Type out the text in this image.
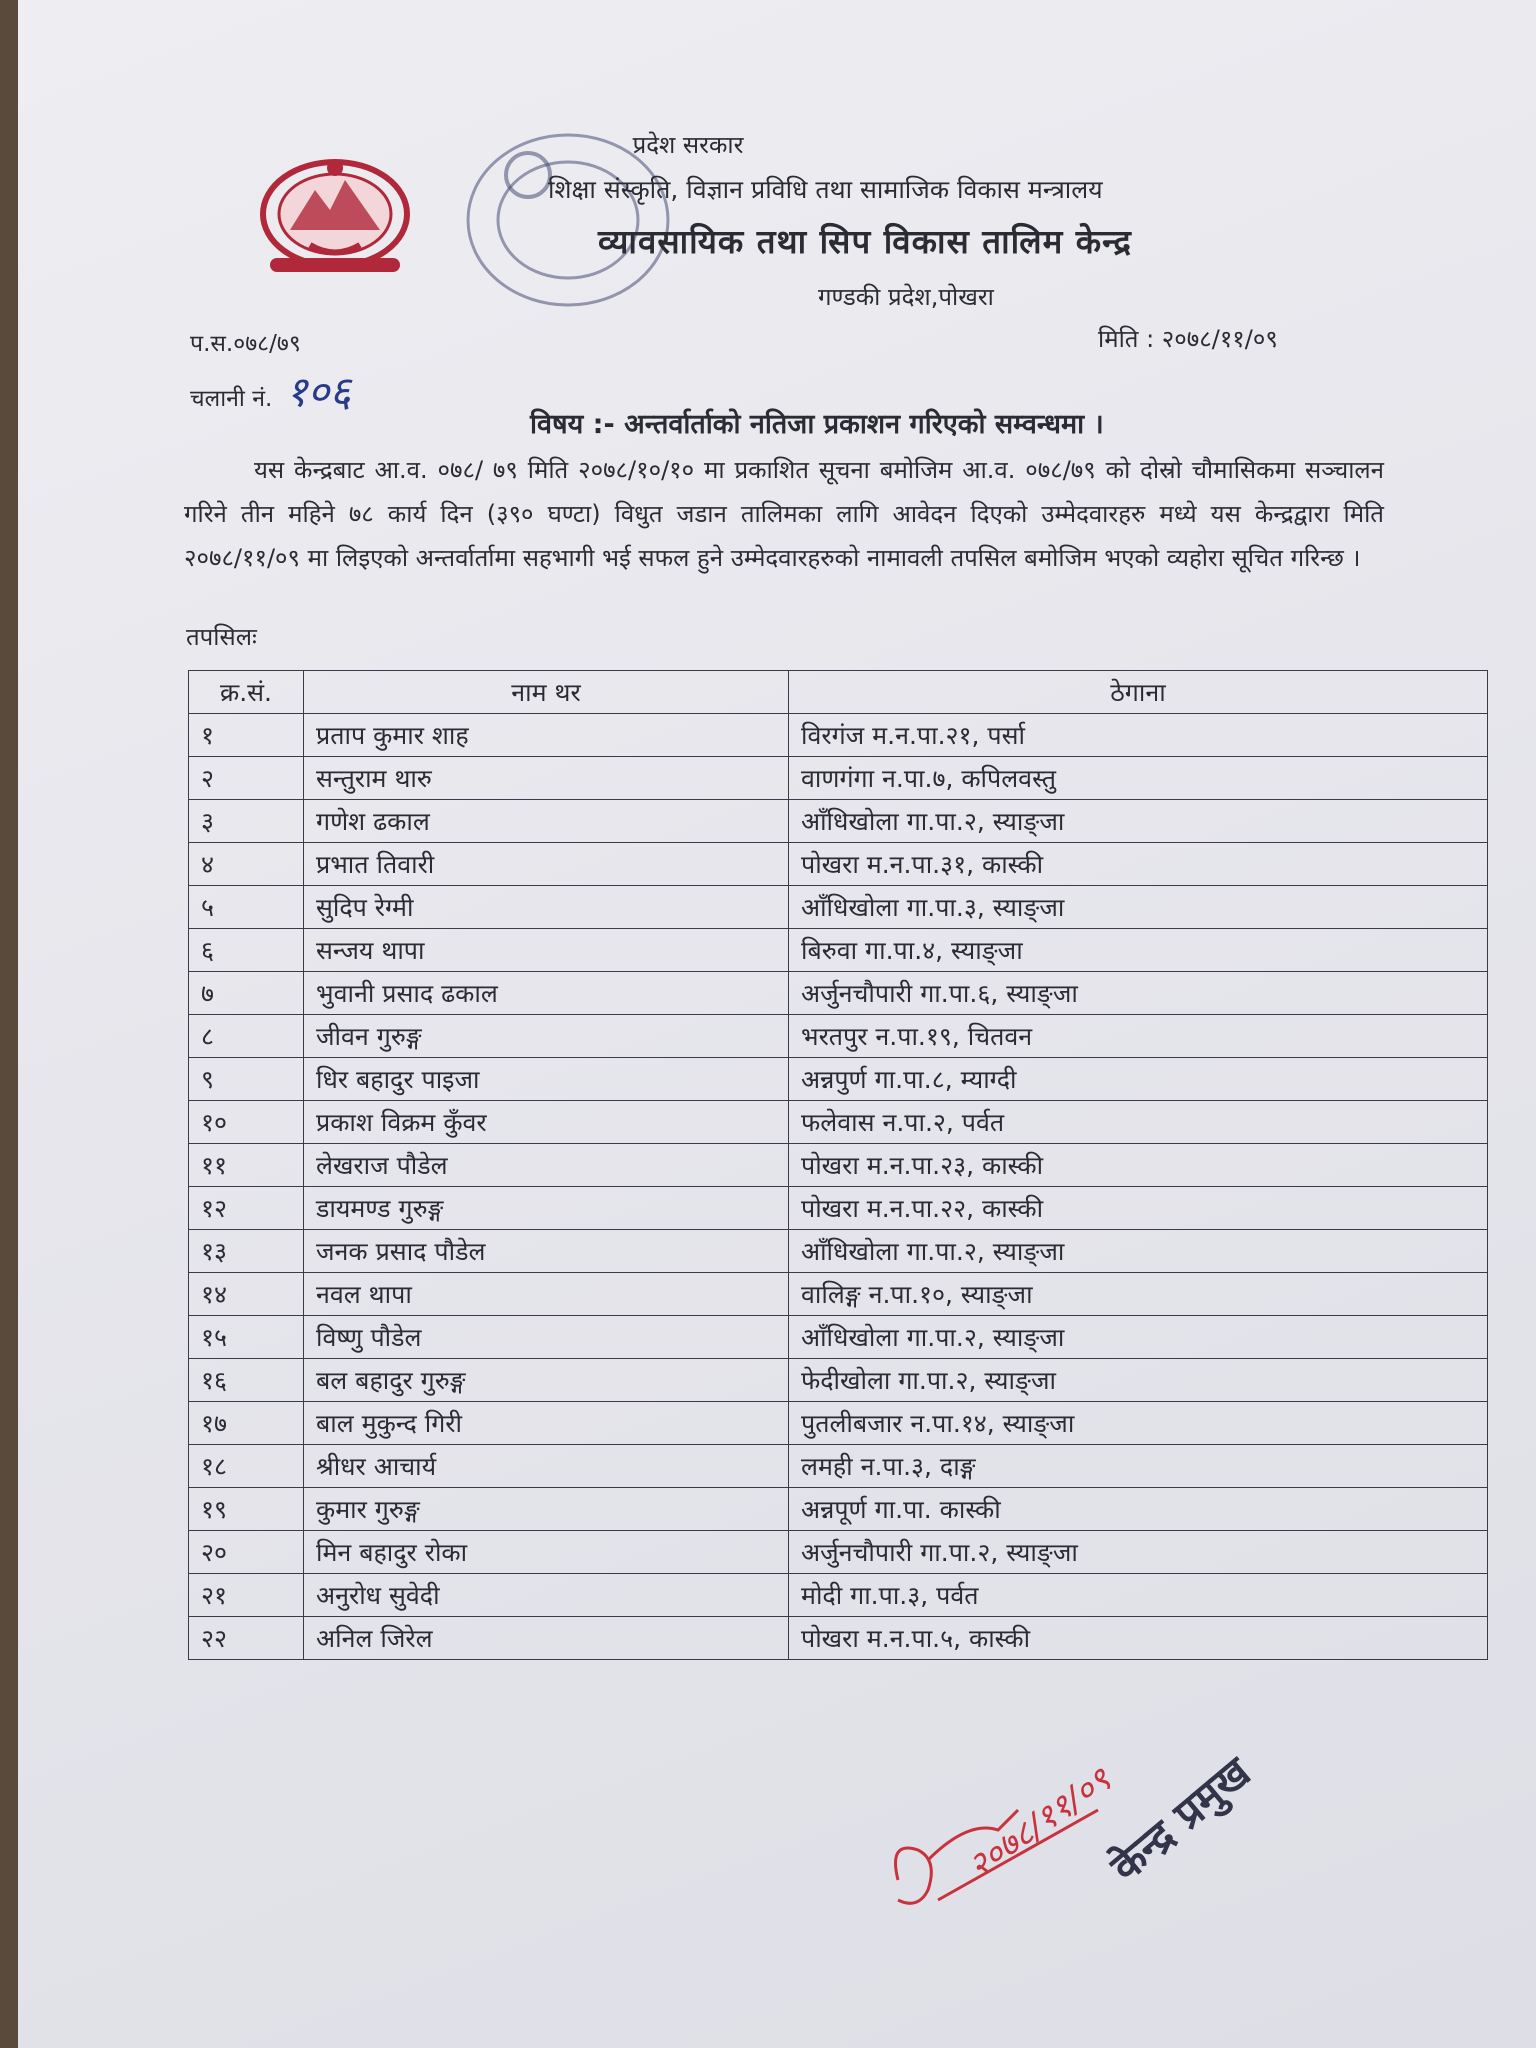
प्रदेश सरकार
शिक्षा संस्कृति, विज्ञान प्रविधि तथा सामाजिक विकास मन्त्रालय
व्यावसायिक तथा सिप विकास तालिम केन्द्र
गण्डकी प्रदेश,पोखरा
प.स.०७८/७९
चलानी नं. १०६
मिति : २०७८/११/०९
विषय :- अन्तर्वार्ताको नतिजा प्रकाशन गरिएको सम्वन्धमा ।
यस केन्द्रबाट आ.व. ०७८/ ७९ मिति २०७८/१०/१० मा प्रकाशित सूचना बमोजिम आ.व. ०७८/७९ को दोस्रो चौमासिकमा सञ्चालन गरिने तीन महिने ७८ कार्य दिन (३९० घण्टा) विधुत जडान तालिमका लागि आवेदन दिएको उम्मेदवारहरु मध्ये यस केन्द्रद्वारा मिति २०७८/११/०९ मा लिइएको अन्तर्वार्तामा सहभागी भई सफल हुने उम्मेदवारहरुको नामावली तपसिल बमोजिम भएको व्यहोरा सूचित गरिन्छ ।
तपसिलः
क्र.सं.	नाम थर	ठेगाना
१	प्रताप कुमार शाह	विरगंज म.न.पा.२१, पर्सा
२	सन्तुराम थारु	वाणगंगा न.पा.७, कपिलवस्तु
३	गणेश ढकाल	आँधिखोला गा.पा.२, स्याङ्जा
४	प्रभात तिवारी	पोखरा म.न.पा.३१, कास्की
५	सुदिप रेग्मी	आँधिखोला गा.पा.३, स्याङ्जा
६	सन्जय थापा	बिरुवा गा.पा.४, स्याङ्जा
७	भुवानी प्रसाद ढकाल	अर्जुनचौपारी गा.पा.६, स्याङ्जा
८	जीवन गुरुङ्ग	भरतपुर न.पा.१९, चितवन
९	धिर बहादुर पाइजा	अन्नपुर्ण गा.पा.८, म्याग्दी
१०	प्रकाश विक्रम कुँवर	फलेवास न.पा.२, पर्वत
११	लेखराज पौडेल	पोखरा म.न.पा.२३, कास्की
१२	डायमण्ड गुरुङ्ग	पोखरा म.न.पा.२२, कास्की
१३	जनक प्रसाद पौडेल	आँधिखोला गा.पा.२, स्याङ्जा
१४	नवल थापा	वालिङ्ग न.पा.१०, स्याङ्जा
१५	विष्णु पौडेल	आँधिखोला गा.पा.२, स्याङ्जा
१६	बल बहादुर गुरुङ्ग	फेदीखोला गा.पा.२, स्याङ्जा
१७	बाल मुकुन्द गिरी	पुतलीबजार न.पा.१४, स्याङ्जा
१८	श्रीधर आचार्य	लमही न.पा.३, दाङ्ग
१९	कुमार गुरुङ्ग	अन्नपूर्ण गा.पा. कास्की
२०	मिन बहादुर रोका	अर्जुनचौपारी गा.पा.२, स्याङ्जा
२१	अनुरोध सुवेदी	मोदी गा.पा.३, पर्वत
२२	अनिल जिरेल	पोखरा म.न.पा.५, कास्की
२०७८/११/०९
केन्द्र प्रमुख
